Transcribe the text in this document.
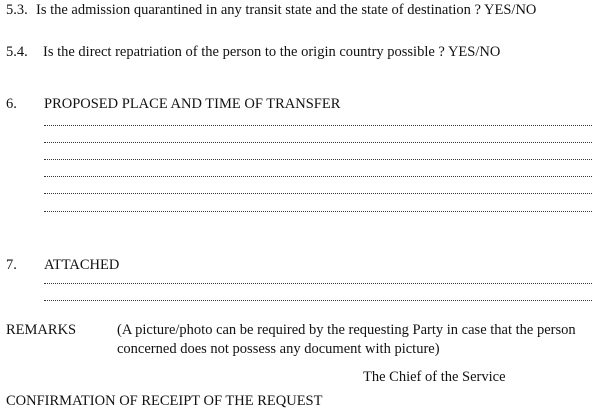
5.3. Is the admission quarantined in any transit state and the state of destination ? YES/NO
5.4. Is the direct repatriation of the person to the origin country possible ? YES/NO
6. PROPOSED PLACE AND TIME OF TRANSFER
7. ATTACHED
REMARKS	(A picture/photo can be required by the requesting Party in case that the person
concerned does not possess any document with picture)
The Chief of the Service
CONFIRMATION OF RECEIPT OF THE REQUEST
